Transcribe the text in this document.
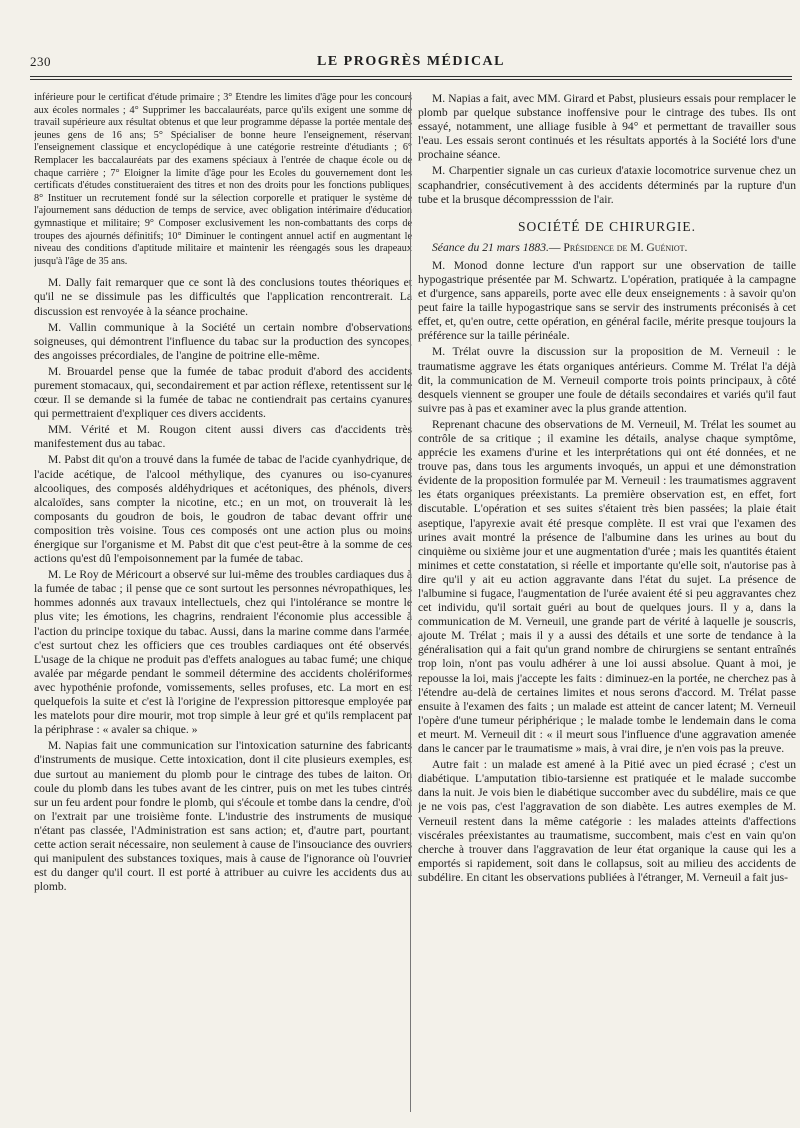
230	LE PROGRÈS MÉDICAL

inférieure pour le certificat d'étude primaire ; 3° Étendre les limites d'âge pour les concours aux écoles normales ; 4° Supprimer les baccalauréats, parce qu'ils exigent une somme de travail supérieure aux résultat obtenus et que leur programme dépasse la portée mentale des jeunes gens de 16 ans; 5° Spécialiser de bonne heure l'enseignement, réservant l'enseignement classique et encyclopédique à une catégorie restreinte d'étudiants ; 6° Remplacer les baccalauréats par des examens spéciaux à l'entrée de chaque école ou de chaque carrière ; 7° Eloigner la limite d'âge pour les Ecoles du gouvernement dont les certificats d'études constitueraient des titres et non des droits pour les fonctions publiques; 8° Instituer un recrutement fondé sur la sélection corporelle et pratiquer le système de l'ajournement sans déduction de temps de service, avec obligation intérimaire d'éducation gymnastique et militaire; 9° Composer exclusivement les non-combattants des corps de troupes des ajournés définitifs; 10° Diminuer le contingent annuel actif en augmentant le niveau des conditions d'aptitude militaire et maintenir les réengagés sous les drapeaux jusqu'à l'âge de 35 ans.

M. Dally fait remarquer que ce sont là des conclusions toutes théoriques et qu'il ne se dissimule pas les difficultés que l'application rencontrerait. La discussion est renvoyée à la séance prochaine.

M. Vallin communique à la Société un certain nombre d'observations soigneuses, qui démontrent l'influence du tabac sur la production des syncopes, des angoisses précordiales, de l'angine de poitrine elle-même.

M. Brouardel pense que la fumée de tabac produit d'abord des accidents purement stomacaux, qui, secondairement et par action réflexe, retentissent sur le cœur. Il se demande si la fumée de tabac ne contiendrait pas certains cyanures qui permettraient d'expliquer ces divers accidents.

MM. Vérité et M. Rougon citent aussi divers cas d'accidents très manifestement dus au tabac.

M. Pabst dit qu'on a trouvé dans la fumée de tabac de l'acide cyanhydrique, de l'acide acétique, de l'alcool méthylique, des cyanures ou iso-cyanures alcooliques, des composés aldéhydriques et acétoniques, des phénols, divers alcaloïdes, sans compter la nicotine, etc.; en un mot, on trouverait là les composants du goudron de bois, le goudron de tabac devant offrir une composition très voisine. Tous ces composés ont une action plus ou moins énergique sur l'organisme et M. Pabst dit que c'est peut-être à la somme de ces actions qu'est dû l'empoisonnement par la fumée de tabac.

M. Le Roy de Méricourt a observé sur lui-même des troubles cardiaques dus à la fumée de tabac ; il pense que ce sont surtout les personnes névropathiques, les hommes adonnés aux travaux intellectuels, chez qui l'intolérance se montre le plus vite; les émotions, les chagrins, rendraient l'économie plus accessible à l'action du principe toxique du tabac. Aussi, dans la marine comme dans l'armée, c'est surtout chez les officiers que ces troubles cardiaques ont été observés. L'usage de la chique ne produit pas d'effets analogues au tabac fumé; une chique avalée par mégarde pendant le sommeil détermine des accidents cholériformes avec hypothénie profonde, vomissements, selles profuses, etc. La mort en est quelquefois la suite et c'est là l'origine de l'expression pittoresque employée par les matelots pour dire mourir, mot trop simple à leur gré et qu'ils remplacent par la périphrase : « avaler sa chique. »

M. Napias fait une communication sur l'intoxication saturnine des fabricants d'instruments de musique. Cette intoxication, dont il cite plusieurs exemples, est due surtout au maniement du plomb pour le cintrage des tubes de laiton. On coule du plomb dans les tubes avant de les cintrer, puis on met les tubes cintrés sur un feu ardent pour fondre le plomb, qui s'écoule et tombe dans la cendre, d'où on l'extrait par une troisième fonte. L'industrie des instruments de musique n'étant pas classée, l'Administration est sans action; et, d'autre part, pourtant, cette action serait nécessaire, non seulement à cause de l'insouciance des ouvriers qui manipulent des substances toxiques, mais à cause de l'ignorance où l'ouvrier est du danger qu'il court. Il est porté à attribuer au cuivre les accidents dus au plomb.

M. Napias a fait, avec MM. Girard et Pabst, plusieurs essais pour remplacer le plomb par quelque substance inoffensive pour le cintrage des tubes. Ils ont essayé, notamment, une alliage fusible à 94° et permettant de travailler sous l'eau. Les essais seront continués et les résultats apportés à la Société lors d'une prochaine séance.

M. Charpentier signale un cas curieux d'ataxie locomotrice survenue chez un scaphandrier, consécutivement à des accidents déterminés par la rupture d'un tube et la brusque décompresssion de l'air.

SOCIÉTÉ DE CHIRURGIE.

Séance du 21 mars 1883.— Présidence de M. Guéniot.

M. Monod donne lecture d'un rapport sur une observation de taille hypogastrique présentée par M. Schwartz. L'opération, pratiquée à la campagne et d'urgence, sans appareils, porte avec elle deux enseignements : à savoir qu'on peut faire la taille hypogastrique sans se servir des instruments préconisés à cet effet, et, qu'en outre, cette opération, en général facile, mérite presque toujours la préférence sur la taille périnéale.

M. Trélat ouvre la discussion sur la proposition de M. Verneuil : le traumatisme aggrave les états organiques antérieurs. Comme M. Trélat l'a déjà dit, la communication de M. Verneuil comporte trois points principaux, à côté desquels viennent se grouper une foule de détails secondaires et variés qu'il faut suivre pas à pas et examiner avec la plus grande attention.

Reprenant chacune des observations de M. Verneuil, M. Trélat les soumet au contrôle de sa critique ; il examine les détails, analyse chaque symptôme, apprécie les examens d'urine et les interprétations qui ont été données, et ne trouve pas, dans tous les arguments invoqués, un appui et une démonstration évidente de la proposition formulée par M. Verneuil : les traumatismes aggravent les états organiques préexistants. La première observation est, en effet, fort discutable. L'opération et ses suites s'étaient très bien passées; la plaie était aseptique, l'apyrexie avait été presque complète. Il est vrai que l'examen des urines avait montré la présence de l'albumine dans les urines au bout du cinquième ou sixième jour et une augmentation d'urée ; mais les quantités étaient minimes et cette constatation, si réelle et importante qu'elle soit, n'autorise pas à dire qu'il y ait eu action aggravante dans l'état du sujet. La présence de l'albumine si fugace, l'augmentation de l'urée avaient été si peu aggravantes chez cet individu, qu'il sortait guéri au bout de quelques jours. Il y a, dans la communication de M. Verneuil, une grande part de vérité à laquelle je souscris, ajoute M. Trélat ; mais il y a aussi des détails et une sorte de tendance à la généralisation qui a fait qu'un grand nombre de chirurgiens se sentant entraînés trop loin, n'ont pas voulu adhérer à une loi aussi absolue. Quant à moi, je repousse la loi, mais j'accepte les faits : diminuez-en la portée, ne cherchez pas à l'étendre au-delà de certaines limites et nous serons d'accord. M. Trélat passe ensuite à l'examen des faits ; un malade est atteint de cancer latent; M. Verneuil l'opère d'une tumeur périphérique ; le malade tombe le lendemain dans le coma et meurt. M. Verneuil dit : « il meurt sous l'influence d'une aggravation amenée dans le cancer par le traumatisme » mais, à vrai dire, je n'en vois pas la preuve.

Autre fait : un malade est amené à la Pitié avec un pied écrasé ; c'est un diabétique. L'amputation tibio-tarsienne est pratiquée et le malade succombe dans la nuit. Je vois bien le diabétique succomber avec du subdélire, mais ce que je ne vois pas, c'est l'aggravation de son diabète. Les autres exemples de M. Verneuil restent dans la même catégorie : les malades atteints d'affections viscérales préexistantes au traumatisme, succombent, mais c'est en vain qu'on cherche à trouver dans l'aggravation de leur état organique la cause qui les a emportés si rapidement, soit dans le collapsus, soit au milieu des accidents de subdélire. En citant les observations publiées à l'étranger, M. Verneuil a fait jus-
